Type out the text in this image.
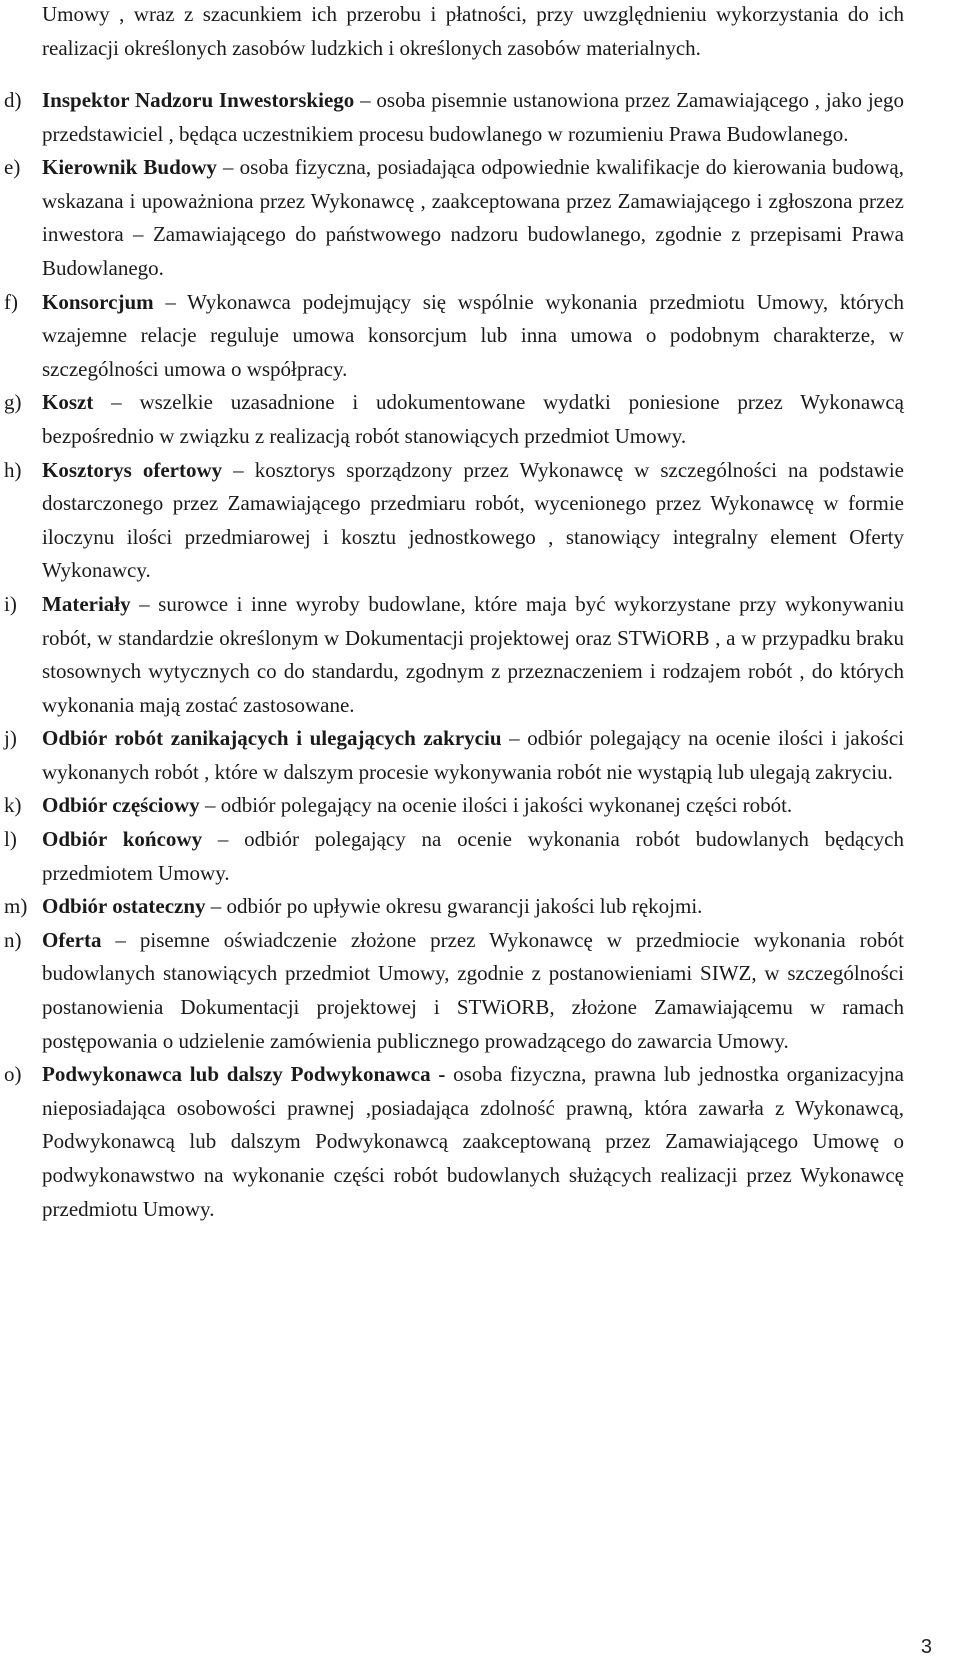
Umowy , wraz z szacunkiem ich przerobu i płatności, przy uwzględnieniu wykorzystania do ich realizacji określonych zasobów ludzkich i określonych zasobów materialnych.

d) Inspektor Nadzoru Inwestorskiego – osoba pisemnie ustanowiona przez Zamawiającego , jako jego przedstawiciel , będąca uczestnikiem procesu budowlanego w rozumieniu Prawa Budowlanego.

e) Kierownik Budowy – osoba fizyczna, posiadająca odpowiednie kwalifikacje do kierowania budową, wskazana i upoważniona przez Wykonawcę , zaakceptowana przez Zamawiającego i zgłoszona przez inwestora – Zamawiającego do państwowego nadzoru budowlanego, zgodnie z przepisami Prawa Budowlanego.

f) Konsorcjum – Wykonawca podejmujący się wspólnie wykonania przedmiotu Umowy, których wzajemne relacje reguluje umowa konsorcjum lub inna umowa o podobnym charakterze, w szczególności umowa o współpracy.

g) Koszt – wszelkie uzasadnione i udokumentowane wydatki poniesione przez Wykonawcą bezpośrednio w związku z realizacją robót stanowiących przedmiot Umowy.

h) Kosztorys ofertowy – kosztorys sporządzony przez Wykonawcę w szczególności na podstawie dostarczonego przez Zamawiającego przedmiaru robót, wycenionego przez Wykonawcę w formie iloczynu ilości przedmiarowej i kosztu jednostkowego , stanowiący integralny element Oferty Wykonawcy.

i) Materiały – surowce i inne wyroby budowlane, które maja być wykorzystane przy wykonywaniu robót, w standardzie określonym w Dokumentacji projektowej oraz STWiORB , a w przypadku braku stosownych wytycznych co do standardu, zgodnym z przeznaczeniem i rodzajem robót , do których wykonania mają zostać zastosowane.

j) Odbiór robót zanikających i ulegających zakryciu – odbiór polegający na ocenie ilości i jakości wykonanych robót , które w dalszym procesie wykonywania robót nie wystąpią lub ulegają zakryciu.

k) Odbiór częściowy – odbiór polegający na ocenie ilości i jakości wykonanej części robót.

l) Odbiór końcowy – odbiór polegający na ocenie wykonania robót budowlanych będących przedmiotem Umowy.

m) Odbiór ostateczny – odbiór po upływie okresu gwarancji jakości lub rękojmi.

n) Oferta – pisemne oświadczenie złożone przez Wykonawcę w przedmiocie wykonania robót budowlanych stanowiących przedmiot Umowy, zgodnie z postanowieniami SIWZ, w szczególności postanowienia Dokumentacji projektowej i STWiORB, złożone Zamawiającemu w ramach postępowania o udzielenie zamówienia publicznego prowadzącego do zawarcia Umowy.

o) Podwykonawca lub dalszy Podwykonawca - osoba fizyczna, prawna lub jednostka organizacyjna nieposiadająca osobowości prawnej ,posiadająca zdolność prawną, która zawarła z Wykonawcą, Podwykonawcą lub dalszym Podwykonawcą zaakceptowaną przez Zamawiającego Umowę o podwykonawstwo na wykonanie części robót budowlanych służących realizacji przez Wykonawcę przedmiotu Umowy.

3
